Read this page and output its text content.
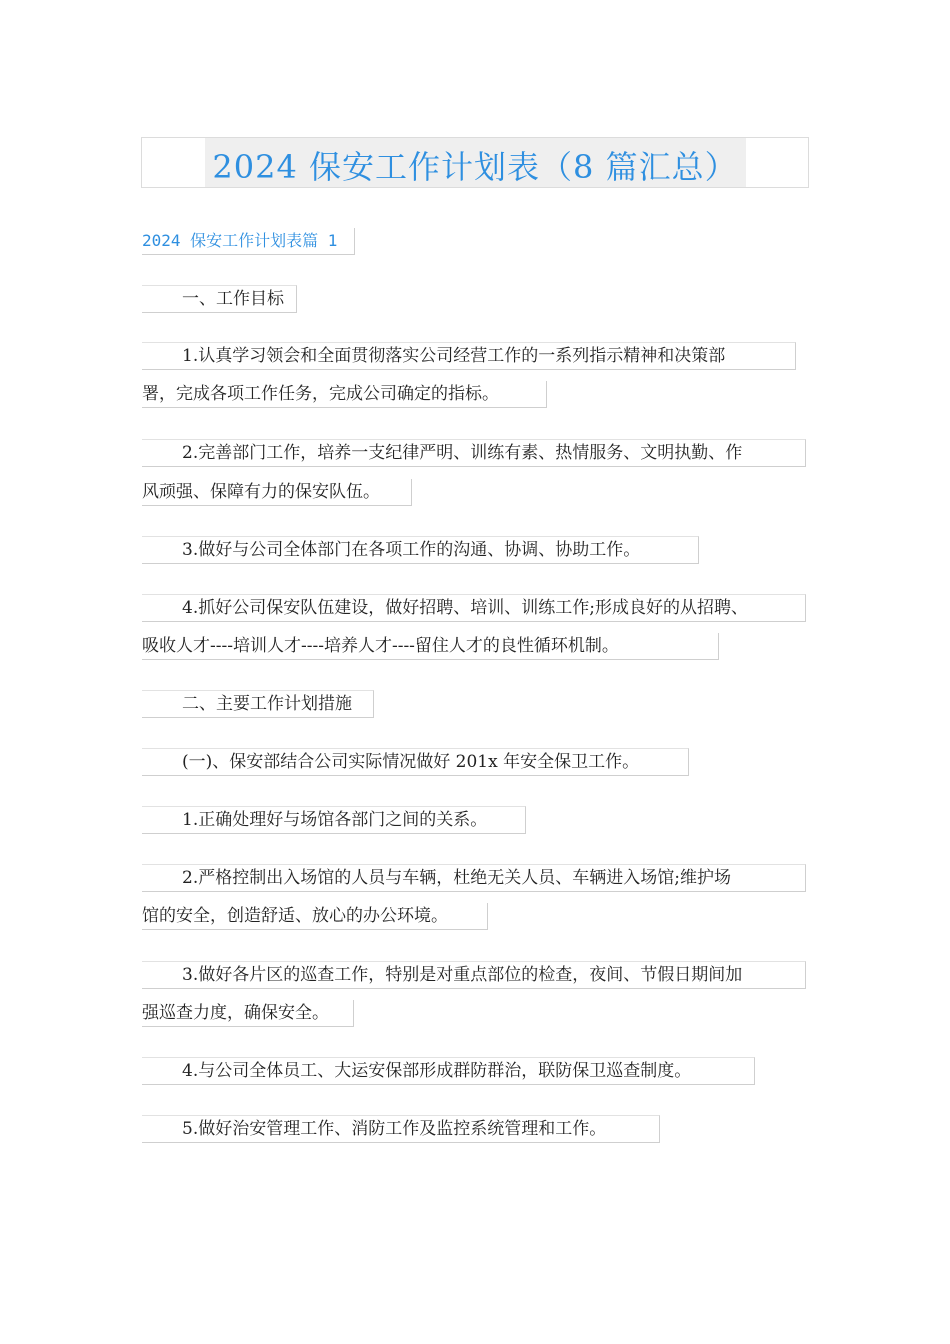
2024 保安工作计划表（8 篇汇总）
2024 保安工作计划表篇 1
一、工作目标
1.认真学习领会和全面贯彻落实公司经营工作的一系列指示精神和决策部
署，完成各项工作任务，完成公司确定的指标。
2.完善部门工作，培养一支纪律严明、训练有素、热情服务、文明执勤、作
风顽强、保障有力的保安队伍。
3.做好与公司全体部门在各项工作的沟通、协调、协助工作。
4.抓好公司保安队伍建设，做好招聘、培训、训练工作;形成良好的从招聘、
吸收人才----培训人才----培养人才----留住人才的良性循环机制。
二、主要工作计划措施
(一)、保安部结合公司实际情况做好 201x 年安全保卫工作。
1.正确处理好与场馆各部门之间的关系。
2.严格控制出入场馆的人员与车辆，杜绝无关人员、车辆进入场馆;维护场
馆的安全，创造舒适、放心的办公环境。
3.做好各片区的巡查工作，特别是对重点部位的检查，夜间、节假日期间加
强巡查力度，确保安全。
4.与公司全体员工、大运安保部形成群防群治，联防保卫巡查制度。
5.做好治安管理工作、消防工作及监控系统管理和工作。
